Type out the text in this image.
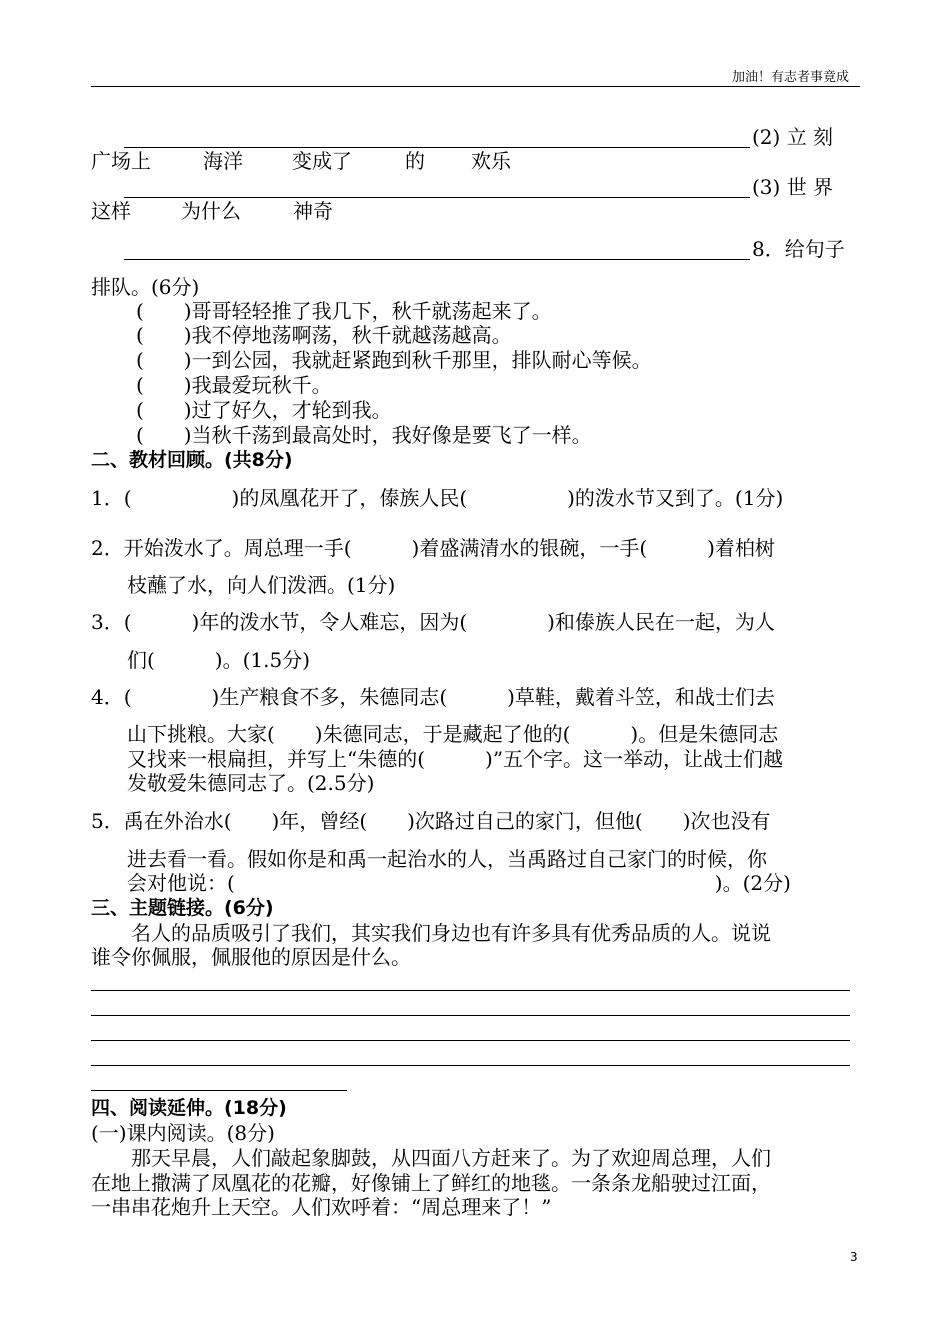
加油！有志者事竟成
(2) 立 刻
广场上	海洋 变成了	的 欢乐
(3) 世 界
这样	为什么	神奇
8．给句子
排队。(6分)
(　　)哥哥轻轻推了我几下，秋千就荡起来了。
(　　)我不停地荡啊荡，秋千就越荡越高。
(　　)一到公园，我就赶紧跑到秋千那里，排队耐心等候。
(　　)我最爱玩秋千。
(　　)过了好久，才轮到我。
(　　)当秋千荡到最高处时，我好像是要飞了一样。
二、教材回顾。(共8分)
1．(　　　　　)的凤凰花开了，傣族人民(　　　　　)的泼水节又到了。(1分)
2．开始泼水了。周总理一手(　　　)着盛满清水的银碗，一手(　　　)着柏树
枝蘸了水，向人们泼洒。(1分)
3．(　　　)年的泼水节，令人难忘，因为(　　　　)和傣族人民在一起，为人
们(　　　)。(1.5分)
4．(　　　　)生产粮食不多，朱德同志(　　　)草鞋，戴着斗笠，和战士们去
山下挑粮。大家(　　)朱德同志，于是藏起了他的(　　　)。但是朱德同志
又找来一根扁担，并写上“朱德的(　　　)”五个字。这一举动，让战士们越
发敬爱朱德同志了。(2.5分)
5．禹在外治水(　　)年，曾经(　　)次路过自己的家门，但他(　　)次也没有
进去看一看。假如你是和禹一起治水的人，当禹路过自己家门的时候，你
会对他说：(　　　　　　　　　　　　　　　　　　　　　　　　)。(2分)
三、主题链接。(6分)
　　名人的品质吸引了我们，其实我们身边也有许多具有优秀品质的人。说说
谁令你佩服，佩服他的原因是什么。
四、阅读延伸。(18分)
(一)课内阅读。(8分)
　　那天早晨，人们敲起象脚鼓，从四面八方赶来了。为了欢迎周总理，人们
在地上撒满了凤凰花的花瓣，好像铺上了鲜红的地毯。一条条龙船驶过江面，
一串串花炮升上天空。人们欢呼着：“周总理来了！”
3
